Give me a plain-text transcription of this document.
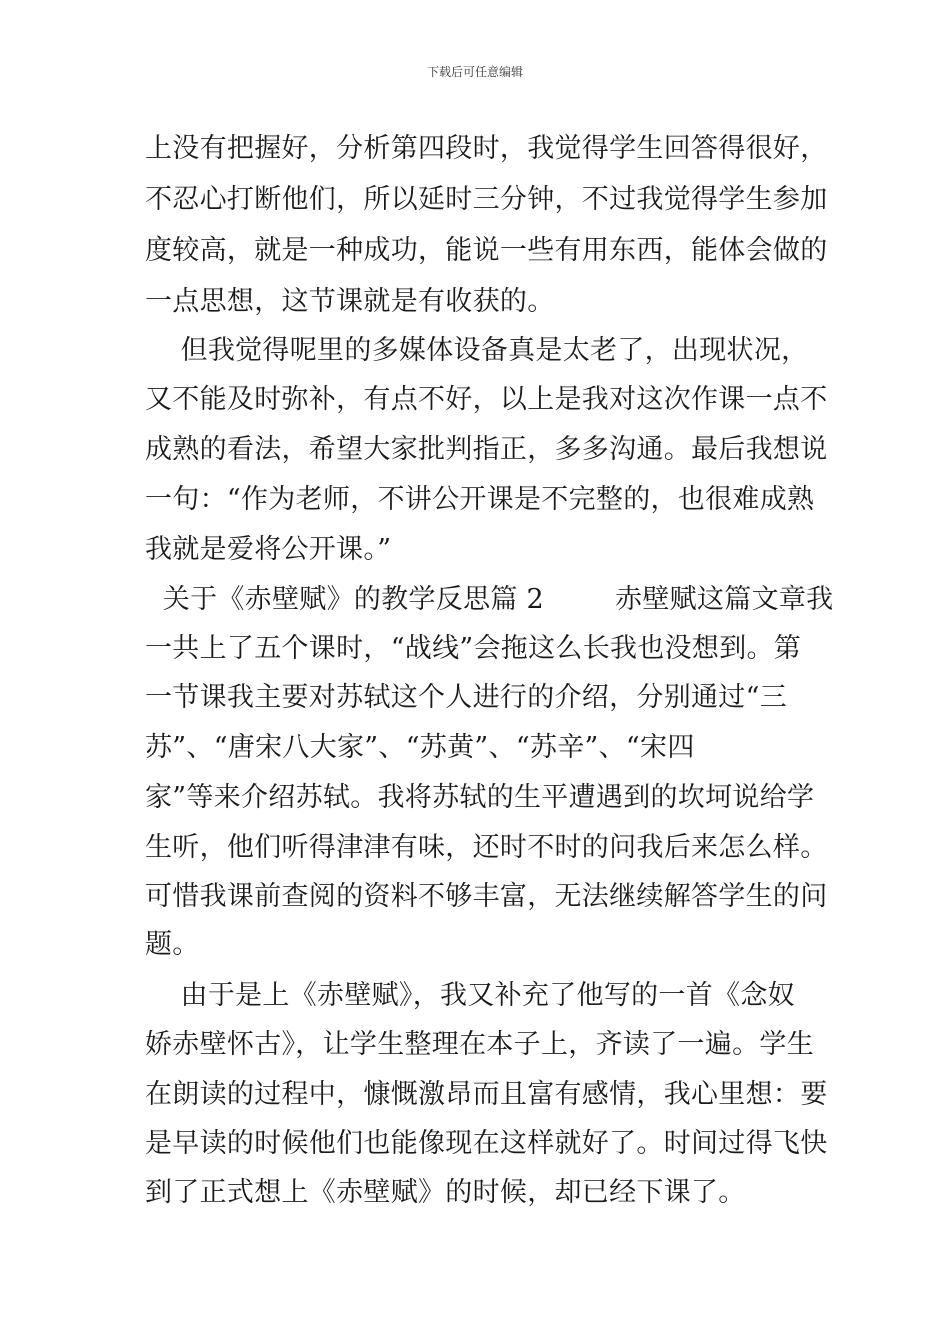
下载后可任意编辑
上没有把握好，分析第四段时，我觉得学生回答得很好，
不忍心打断他们，所以延时三分钟，不过我觉得学生参加
度较高，就是一种成功，能说一些有用东西，能体会做的
一点思想，这节课就是有收获的。
但我觉得呢里的多媒体设备真是太老了，出现状况，
又不能及时弥补，有点不好，以上是我对这次作课一点不
成熟的看法，希望大家批判指正，多多沟通。最后我想说
一句：“作为老师，不讲公开课是不完整的，也很难成熟
我就是爱将公开课。”
关于《赤壁赋》的教学反思篇 2        赤壁赋这篇文章我
一共上了五个课时，“战线”会拖这么长我也没想到。第
一节课我主要对苏轼这个人进行的介绍，分别通过“三
苏”、“唐宋八大家”、“苏黄”、“苏辛”、“宋四
家”等来介绍苏轼。我将苏轼的生平遭遇到的坎坷说给学
生听，他们听得津津有味，还时不时的问我后来怎么样。
可惜我课前查阅的资料不够丰富，无法继续解答学生的问
题。
由于是上《赤壁赋》，我又补充了他写的一首《念奴
娇赤壁怀古》，让学生整理在本子上，齐读了一遍。学生
在朗读的过程中，慷慨激昂而且富有感情，我心里想：要
是早读的时候他们也能像现在这样就好了。时间过得飞快
到了正式想上《赤壁赋》的时候，却已经下课了。
